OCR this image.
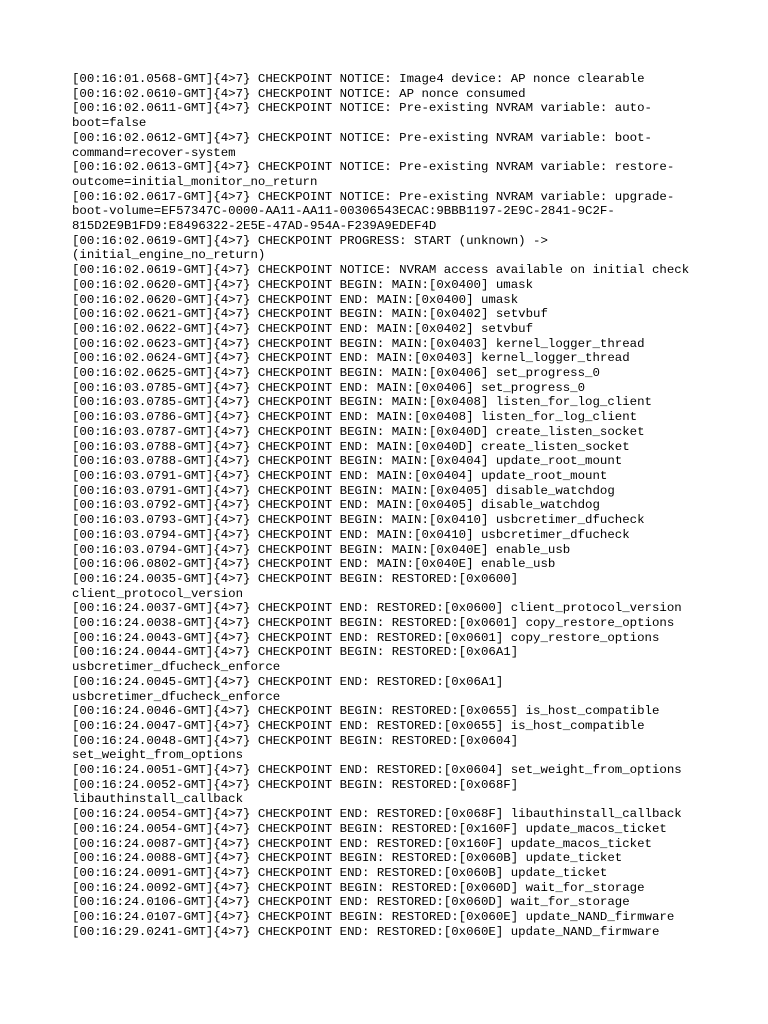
[00:16:01.0568-GMT]{4>7} CHECKPOINT NOTICE: Image4 device: AP nonce clearable
[00:16:02.0610-GMT]{4>7} CHECKPOINT NOTICE: AP nonce consumed
[00:16:02.0611-GMT]{4>7} CHECKPOINT NOTICE: Pre-existing NVRAM variable: auto-
boot=false
[00:16:02.0612-GMT]{4>7} CHECKPOINT NOTICE: Pre-existing NVRAM variable: boot-
command=recover-system
[00:16:02.0613-GMT]{4>7} CHECKPOINT NOTICE: Pre-existing NVRAM variable: restore-
outcome=initial_monitor_no_return
[00:16:02.0617-GMT]{4>7} CHECKPOINT NOTICE: Pre-existing NVRAM variable: upgrade-
boot-volume=EF57347C-0000-AA11-AA11-00306543ECAC:9BBB1197-2E9C-2841-9C2F-
815D2E9B1FD9:E8496322-2E5E-47AD-954A-F239A9EDEF4D
[00:16:02.0619-GMT]{4>7} CHECKPOINT PROGRESS: START (unknown) ->
(initial_engine_no_return)
[00:16:02.0619-GMT]{4>7} CHECKPOINT NOTICE: NVRAM access available on initial check
[00:16:02.0620-GMT]{4>7} CHECKPOINT BEGIN: MAIN:[0x0400] umask
[00:16:02.0620-GMT]{4>7} CHECKPOINT END: MAIN:[0x0400] umask
[00:16:02.0621-GMT]{4>7} CHECKPOINT BEGIN: MAIN:[0x0402] setvbuf
[00:16:02.0622-GMT]{4>7} CHECKPOINT END: MAIN:[0x0402] setvbuf
[00:16:02.0623-GMT]{4>7} CHECKPOINT BEGIN: MAIN:[0x0403] kernel_logger_thread
[00:16:02.0624-GMT]{4>7} CHECKPOINT END: MAIN:[0x0403] kernel_logger_thread
[00:16:02.0625-GMT]{4>7} CHECKPOINT BEGIN: MAIN:[0x0406] set_progress_0
[00:16:03.0785-GMT]{4>7} CHECKPOINT END: MAIN:[0x0406] set_progress_0
[00:16:03.0785-GMT]{4>7} CHECKPOINT BEGIN: MAIN:[0x0408] listen_for_log_client
[00:16:03.0786-GMT]{4>7} CHECKPOINT END: MAIN:[0x0408] listen_for_log_client
[00:16:03.0787-GMT]{4>7} CHECKPOINT BEGIN: MAIN:[0x040D] create_listen_socket
[00:16:03.0788-GMT]{4>7} CHECKPOINT END: MAIN:[0x040D] create_listen_socket
[00:16:03.0788-GMT]{4>7} CHECKPOINT BEGIN: MAIN:[0x0404] update_root_mount
[00:16:03.0791-GMT]{4>7} CHECKPOINT END: MAIN:[0x0404] update_root_mount
[00:16:03.0791-GMT]{4>7} CHECKPOINT BEGIN: MAIN:[0x0405] disable_watchdog
[00:16:03.0792-GMT]{4>7} CHECKPOINT END: MAIN:[0x0405] disable_watchdog
[00:16:03.0793-GMT]{4>7} CHECKPOINT BEGIN: MAIN:[0x0410] usbcretimer_dfucheck
[00:16:03.0794-GMT]{4>7} CHECKPOINT END: MAIN:[0x0410] usbcretimer_dfucheck
[00:16:03.0794-GMT]{4>7} CHECKPOINT BEGIN: MAIN:[0x040E] enable_usb
[00:16:06.0802-GMT]{4>7} CHECKPOINT END: MAIN:[0x040E] enable_usb
[00:16:24.0035-GMT]{4>7} CHECKPOINT BEGIN: RESTORED:[0x0600]
client_protocol_version
[00:16:24.0037-GMT]{4>7} CHECKPOINT END: RESTORED:[0x0600] client_protocol_version
[00:16:24.0038-GMT]{4>7} CHECKPOINT BEGIN: RESTORED:[0x0601] copy_restore_options
[00:16:24.0043-GMT]{4>7} CHECKPOINT END: RESTORED:[0x0601] copy_restore_options
[00:16:24.0044-GMT]{4>7} CHECKPOINT BEGIN: RESTORED:[0x06A1]
usbcretimer_dfucheck_enforce
[00:16:24.0045-GMT]{4>7} CHECKPOINT END: RESTORED:[0x06A1]
usbcretimer_dfucheck_enforce
[00:16:24.0046-GMT]{4>7} CHECKPOINT BEGIN: RESTORED:[0x0655] is_host_compatible
[00:16:24.0047-GMT]{4>7} CHECKPOINT END: RESTORED:[0x0655] is_host_compatible
[00:16:24.0048-GMT]{4>7} CHECKPOINT BEGIN: RESTORED:[0x0604]
set_weight_from_options
[00:16:24.0051-GMT]{4>7} CHECKPOINT END: RESTORED:[0x0604] set_weight_from_options
[00:16:24.0052-GMT]{4>7} CHECKPOINT BEGIN: RESTORED:[0x068F]
libauthinstall_callback
[00:16:24.0054-GMT]{4>7} CHECKPOINT END: RESTORED:[0x068F] libauthinstall_callback
[00:16:24.0054-GMT]{4>7} CHECKPOINT BEGIN: RESTORED:[0x160F] update_macos_ticket
[00:16:24.0087-GMT]{4>7} CHECKPOINT END: RESTORED:[0x160F] update_macos_ticket
[00:16:24.0088-GMT]{4>7} CHECKPOINT BEGIN: RESTORED:[0x060B] update_ticket
[00:16:24.0091-GMT]{4>7} CHECKPOINT END: RESTORED:[0x060B] update_ticket
[00:16:24.0092-GMT]{4>7} CHECKPOINT BEGIN: RESTORED:[0x060D] wait_for_storage
[00:16:24.0106-GMT]{4>7} CHECKPOINT END: RESTORED:[0x060D] wait_for_storage
[00:16:24.0107-GMT]{4>7} CHECKPOINT BEGIN: RESTORED:[0x060E] update_NAND_firmware
[00:16:29.0241-GMT]{4>7} CHECKPOINT END: RESTORED:[0x060E] update_NAND_firmware
